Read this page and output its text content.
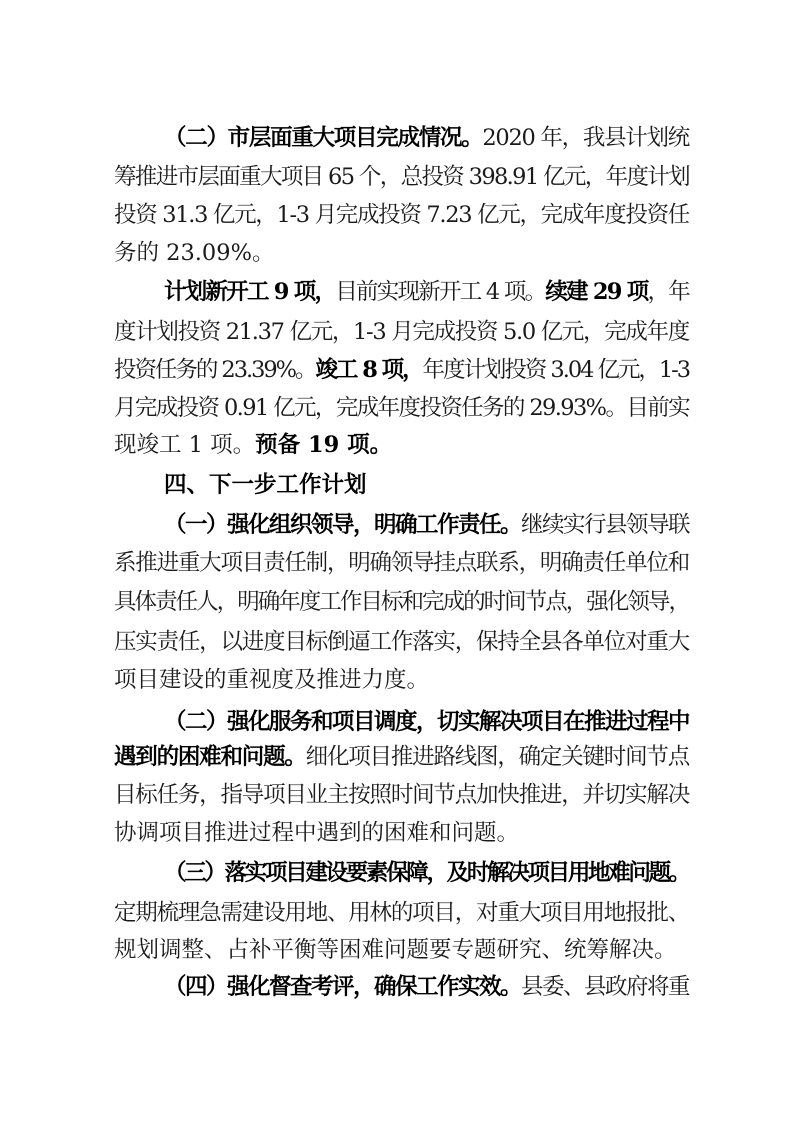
（二）市层面重大项目完成情况。2020 年，我县计划统
筹推进市层面重大项目 65 个，总投资 398.91 亿元，年度计划
投资 31.3 亿元，1-3 月完成投资 7.23 亿元，完成年度投资任
务的 23.09%。
计划新开工 9 项，目前实现新开工 4 项。续建 29 项，年
度计划投资 21.37 亿元，1-3 月完成投资 5.0 亿元，完成年度
投资任务的 23.39%。竣工 8 项，年度计划投资 3.04 亿元，1-3
月完成投资 0.91 亿元，完成年度投资任务的 29.93%。目前实
现竣工 1 项。预备 19 项。
四、下一步工作计划
（一）强化组织领导，明确工作责任。继续实行县领导联
系推进重大项目责任制，明确领导挂点联系，明确责任单位和
具体责任人，明确年度工作目标和完成的时间节点，强化领导，
压实责任，以进度目标倒逼工作落实，保持全县各单位对重大
项目建设的重视度及推进力度。
（二）强化服务和项目调度，切实解决项目在推进过程中
遇到的困难和问题。细化项目推进路线图，确定关键时间节点
目标任务，指导项目业主按照时间节点加快推进，并切实解决
协调项目推进过程中遇到的困难和问题。
（三）落实项目建设要素保障，及时解决项目用地难问题。
定期梳理急需建设用地、用林的项目，对重大项目用地报批、
规划调整、占补平衡等困难问题要专题研究、统筹解决。
（四）强化督查考评，确保工作实效。县委、县政府将重
